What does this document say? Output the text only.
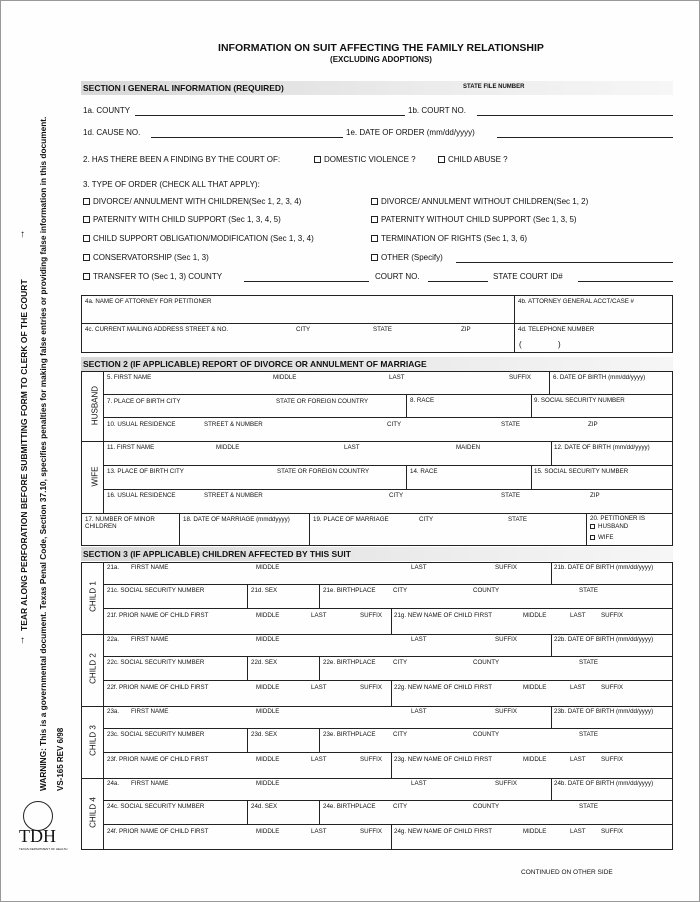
TEAR ALONG PERFORATION BEFORE SUBMITTING FORM TO CLERK OF THE COURT
↑
↑ WARNING: This is a governmental document. Texas Penal Code, Section 37.10, specifies penalties for making false entries or providing false information in this document. VS-165 REV 6/98
TDH
TEXAS DEPARTMENT OF HEALTH
INFORMATION ON SUIT AFFECTING THE FAMILY RELATIONSHIP
(EXCLUDING ADOPTIONS)
SECTION I GENERAL INFORMATION (REQUIRED)	STATE FILE NUMBER
1a. COUNTY	1b. COURT NO.
1d. CAUSE NO.	1e. DATE OF ORDER (mm/dd/yyyy)
2. HAS THERE BEEN A FINDING BY THE COURT OF:	DOMESTIC VIOLENCE ?	CHILD ABUSE ?
3. TYPE OF ORDER (CHECK ALL THAT APPLY):
DIVORCE/ ANNULMENT WITH CHILDREN(Sec 1, 2, 3, 4)	DIVORCE/ ANNULMENT WITHOUT CHILDREN(Sec 1, 2)
PATERNITY WITH CHILD SUPPORT (Sec 1, 3, 4, 5)	PATERNITY WITHOUT CHILD SUPPORT (Sec 1, 3, 5)
CHILD SUPPORT OBLIGATION/MODIFICATION (Sec 1, 3, 4)	TERMINATION OF RIGHTS (Sec 1, 3, 6)
CONSERVATORSHIP (Sec 1, 3)	OTHER (Specify)
TRANSFER TO (Sec 1, 3) COUNTY	COURT NO.	STATE COURT ID#
4a. NAME OF ATTORNEY FOR PETITIONER	4b. ATTORNEY GENERAL ACCT/CASE #
4c. CURRENT MAILING ADDRESS STREET & NO.	CITY	STATE	ZIP	4d. TELEPHONE NUMBER
(	)
SECTION 2 (IF APPLICABLE) REPORT OF DIVORCE OR ANNULMENT OF MARRIAGE
HUSBAND
WIFE
5. FIRST NAME	MIDDLE	LAST	SUFFIX	6. DATE OF BIRTH (mm/dd/yyyy)
7. PLACE OF BIRTH CITY	STATE OR FOREIGN COUNTRY	8. RACE	9. SOCIAL SECURITY NUMBER
10. USUAL RESIDENCE	STREET & NUMBER	CITY	STATE	ZIP
11. FIRST NAME	MIDDLE	LAST	MAIDEN	12. DATE OF BIRTH (mm/dd/yyyy)
13. PLACE OF BIRTH CITY	STATE OR FOREIGN COUNTRY	14. RACE	15. SOCIAL SECURITY NUMBER
16. USUAL RESIDENCE	STREET & NUMBER	CITY	STATE	ZIP
17. NUMBER OF MINOR CHILDREN
18. DATE OF MARRIAGE (mmddyyyy)	19. PLACE OF MARRIAGE	CITY	STATE	20. PETITIONER IS
HUSBAND
WIFE
SECTION 3 (IF APPLICABLE) CHILDREN AFFECTED BY THIS SUIT
CHILD 1
21a. FIRST NAME	MIDDLE	LAST	SUFFIX	21b. DATE OF BIRTH (mm/dd/yyyy)
21c. SOCIAL SECURITY NUMBER	21d. SEX	21e. BIRTHPLACE	CITY	COUNTY	STATE
21f. PRIOR NAME OF CHILD FIRST	MIDDLE	LAST	SUFFIX 21g. NEW NAME OF CHILD FIRST	MIDDLE	LAST	SUFFIX
CHILD 2
22a. FIRST NAME	MIDDLE	LAST	SUFFIX	22b. DATE OF BIRTH (mm/dd/yyyy)
22c. SOCIAL SECURITY NUMBER	22d. SEX	22e. BIRTHPLACE	CITY	COUNTY	STATE
22f. PRIOR NAME OF CHILD FIRST	MIDDLE	LAST	SUFFIX 22g. NEW NAME OF CHILD FIRST	MIDDLE	LAST	SUFFIX
CHILD 3
23a. FIRST NAME	MIDDLE	LAST	SUFFIX	23b. DATE OF BIRTH (mm/dd/yyyy)
23c. SOCIAL SECURITY NUMBER	23d. SEX	23e. BIRTHPLACE	CITY	COUNTY	STATE
23f. PRIOR NAME OF CHILD FIRST	MIDDLE	LAST	SUFFIX 23g. NEW NAME OF CHILD FIRST	MIDDLE	LAST	SUFFIX
CHILD 4
24a. FIRST NAME	MIDDLE	LAST	SUFFIX	24b. DATE OF BIRTH (mm/dd/yyyy)
24c. SOCIAL SECURITY NUMBER	24d. SEX	24e. BIRTHPLACE	CITY	COUNTY	STATE
24f. PRIOR NAME OF CHILD FIRST	MIDDLE	LAST	SUFFIX 24g. NEW NAME OF CHILD FIRST	MIDDLE	LAST	SUFFIX
CONTINUED ON OTHER SIDE
